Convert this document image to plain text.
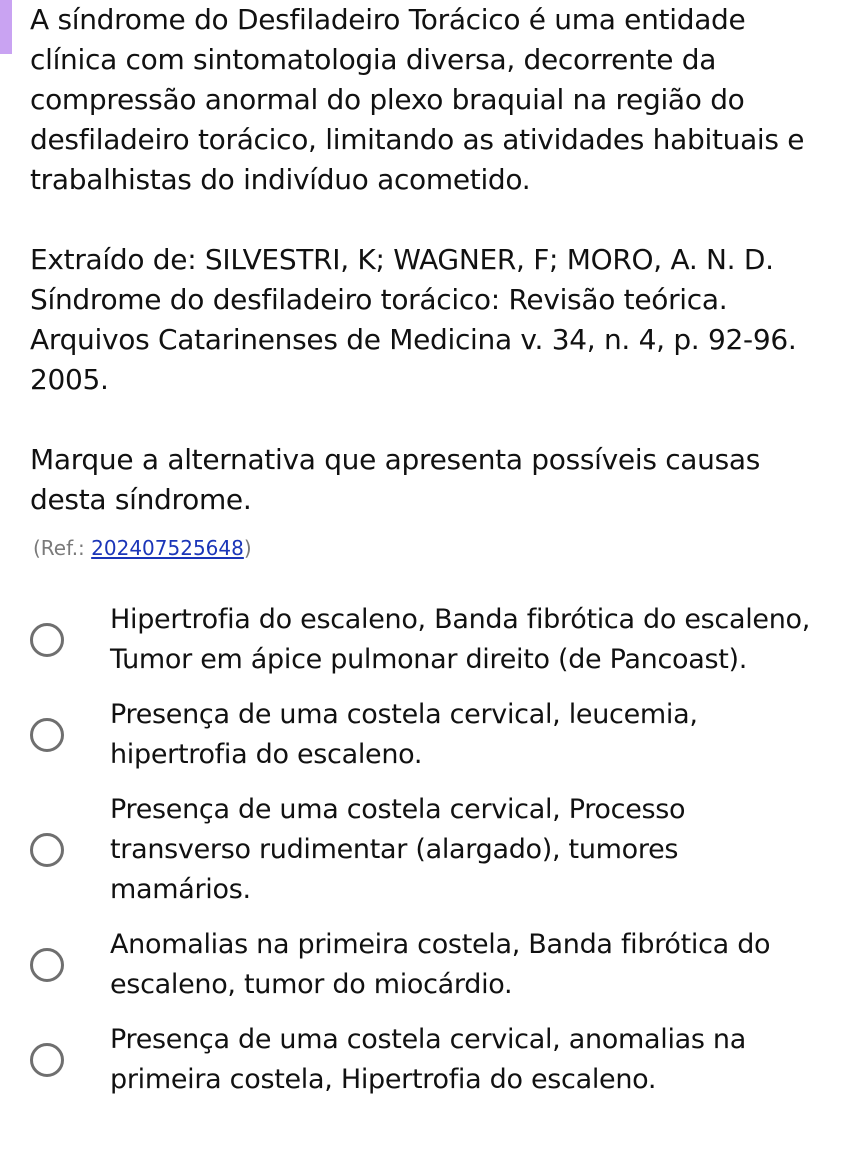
A síndrome do Desfiladeiro Torácico é uma entidade clínica com sintomatologia diversa, decorrente da compressão anormal do plexo braquial na região do desfiladeiro torácico, limitando as atividades habituais e trabalhistas do indivíduo acometido.

Extraído de: SILVESTRI, K; WAGNER, F; MORO, A. N. D. Síndrome do desfiladeiro torácico: Revisão teórica. Arquivos Catarinenses de Medicina v. 34, n. 4, p. 92-96. 2005.

Marque a alternativa que apresenta possíveis causas desta síndrome.

(Ref.: 202407525648)
Hipertrofia do escaleno, Banda fibrótica do escaleno, Tumor em ápice pulmonar direito (de Pancoast).
Presença de uma costela cervical, leucemia, hipertrofia do escaleno.
Presença de uma costela cervical, Processo transverso rudimentar (alargado), tumores mamários.
Anomalias na primeira costela, Banda fibrótica do escaleno, tumor do miocárdio.
Presença de uma costela cervical, anomalias na primeira costela, Hipertrofia do escaleno.
